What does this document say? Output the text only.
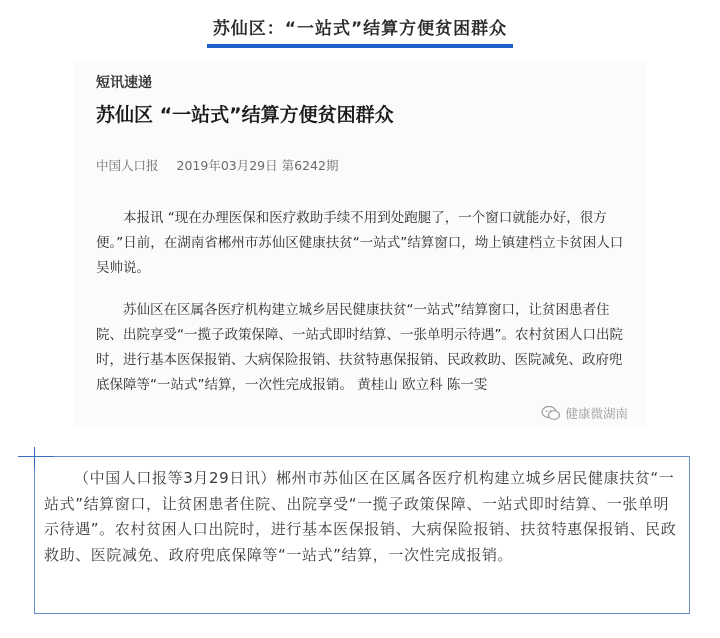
苏仙区：“一站式”结算方便贫困群众
短讯速递
苏仙区 “一站式”结算方便贫困群众
中国人口报 2019年03月29日 第6242期

本报讯 “现在办理医保和医疗救助手续不用到处跑腿了，一个窗口就能办好，很方便。”日前，在湖南省郴州市苏仙区健康扶贫“一站式”结算窗口，坳上镇建档立卡贫困人口吴帅说。

苏仙区在区属各医疗机构建立城乡居民健康扶贫“一站式”结算窗口，让贫困患者住院、出院享受“一揽子政策保障、一站式即时结算、一张单明示待遇”。农村贫困人口出院时，进行基本医保报销、大病保险报销、扶贫特惠保报销、民政救助、医院减免、政府兜底保障等“一站式”结算，一次性完成报销。 黄桂山 欧立科 陈一雯

健康微湖南

（中国人口报等3月29日讯）郴州市苏仙区在区属各医疗机构建立城乡居民健康扶贫“一站式”结算窗口，让贫困患者住院、出院享受“一揽子政策保障、一站式即时结算、一张单明示待遇”。农村贫困人口出院时，进行基本医保报销、大病保险报销、扶贫特惠保报销、民政救助、医院减免、政府兜底保障等“一站式”结算，一次性完成报销。
